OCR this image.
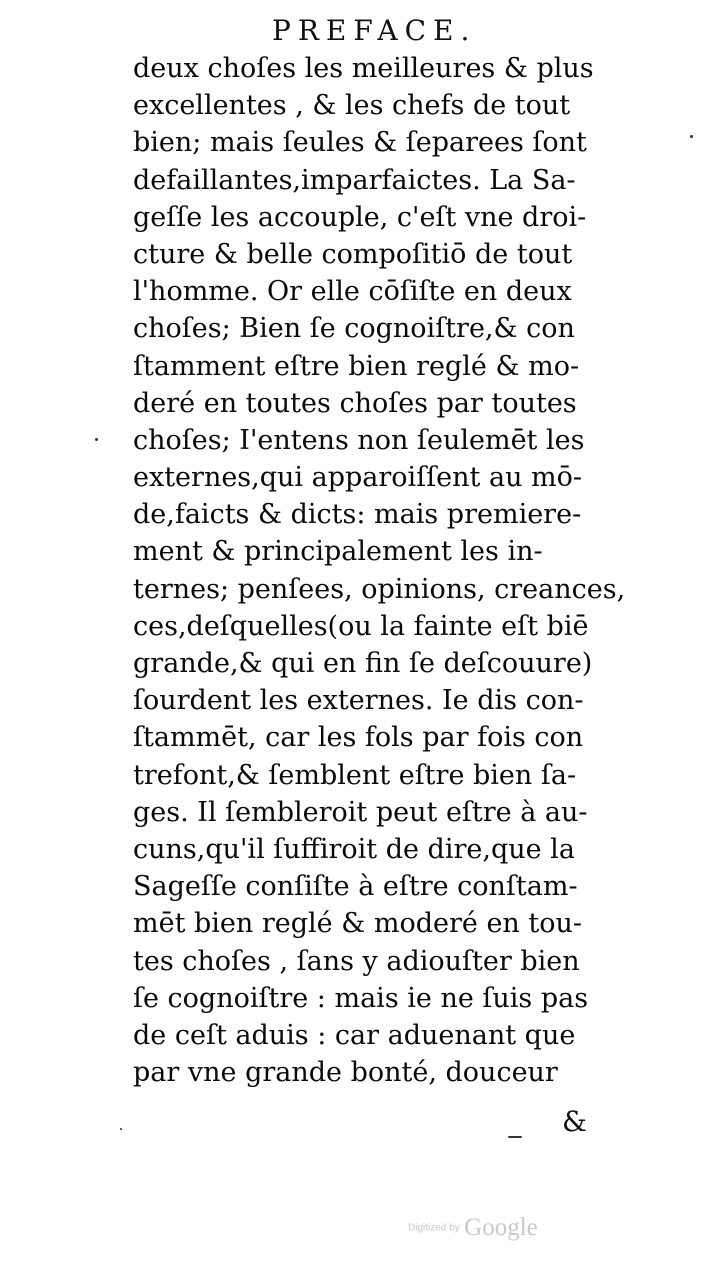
PREFACE.
deux choſes les meilleures & plus
excellentes , & les chefs de tout
bien; mais ſeules & ſeparees ſont
defaillantes,imparfaictes. La Sa-
geſſe les accouple, c'eſt vne droi-
cture & belle compoſitiō de tout
l'homme. Or elle cōſiſte en deux
choſes; Bien ſe cognoiſtre,& con
ſtamment eſtre bien reglé & mo-
deré en toutes choſes par toutes
choſes; I'entens non ſeulemēt les
externes,qui apparoiſſent au mō-
de,faicts & dicts: mais premiere-
ment & principalement les in-
ternes; penſees, opinions, creances,
ces,deſquelles(ou la fainte eſt biē
grande,& qui en fin ſe deſcouure)
ſourdent les externes. Ie dis con-
ſtammēt, car les fols par fois con
trefont,& ſemblent eſtre bien ſa-
ges. Il ſembleroit peut eſtre à au-
cuns,qu'il ſuffiroit de dire,que la
Sageſſe conſiſte à eſtre conſtam-
mēt bien reglé & moderé en tou-
tes choſes , ſans y adiouſter bien
ſe cognoiſtre : mais ie ne ſuis pas
de ceſt aduis : car aduenant que
par vne grande bonté, douceur
&
Digitized by Google
